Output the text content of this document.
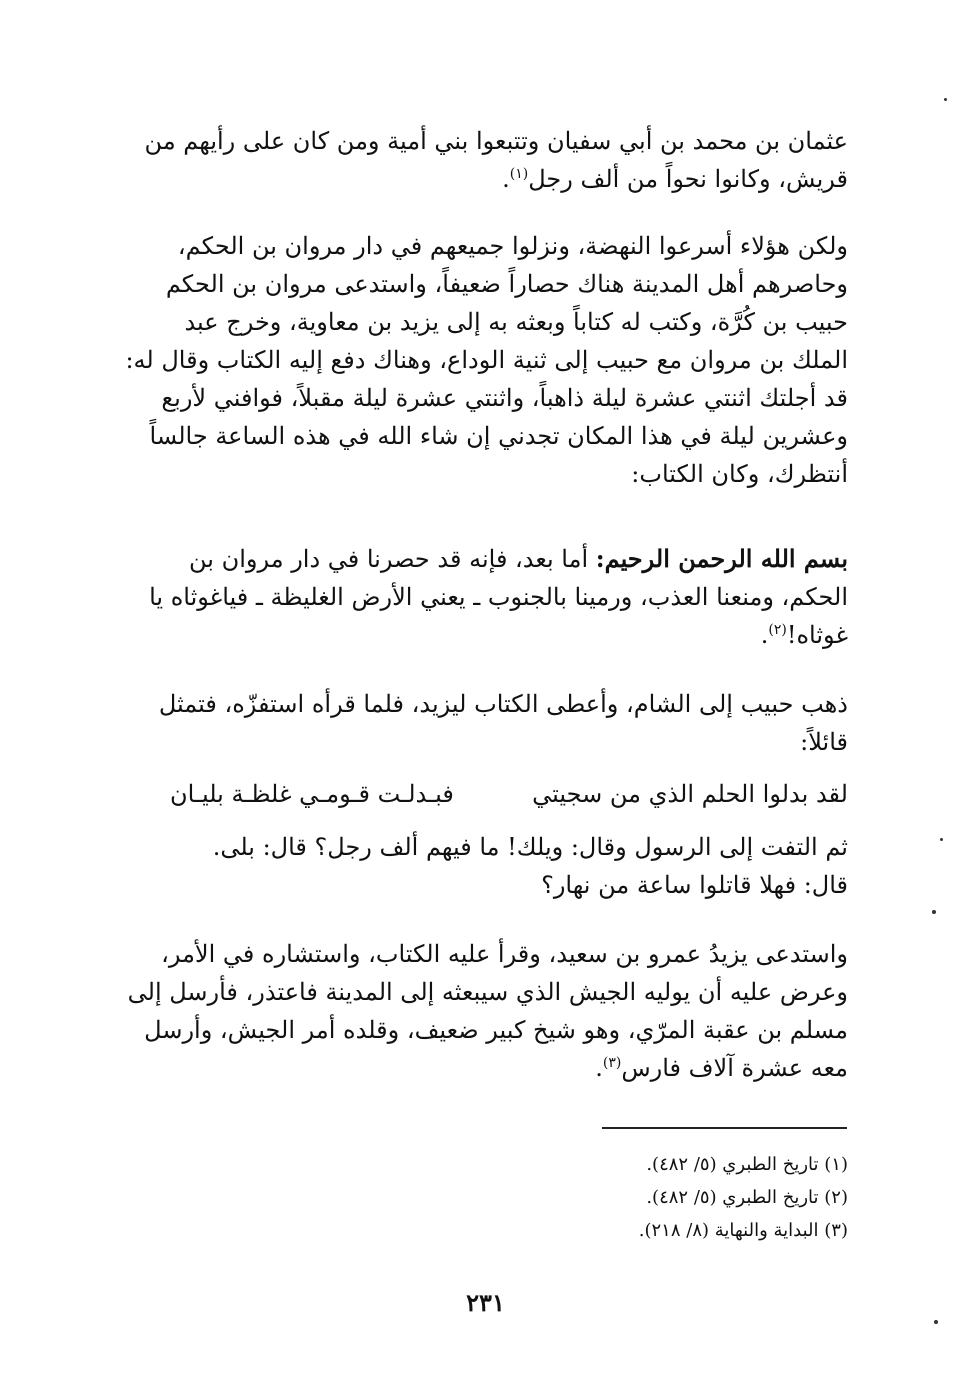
عثمان بن محمد بن أبي سفيان وتتبعوا بني أمية ومن كان على رأيهم من
قريش، وكانوا نحواً من ألف رجل$^{(١)}$.
ولكن هؤلاء أسرعوا النهضة، ونزلوا جميعهم في دار مروان بن الحكم،
وحاصرهم أهل المدينة هناك حصاراً ضعيفاً، واستدعى مروان بن الحكم
حبيب بن كُرَّة، وكتب له كتاباً وبعثه به إلى يزيد بن معاوية، وخرج عبد
الملك بن مروان مع حبيب إلى ثنية الوداع، وهناك دفع إليه الكتاب وقال له:
قد أجلتك اثنتي عشرة ليلة ذاهباً، واثنتي عشرة ليلة مقبلاً، فوافني لأربع
وعشرين ليلة في هذا المكان تجدني إن شاء الله في هذه الساعة جالساً
أنتظرك، وكان الكتاب:
بسم الله الرحمن الرحيم: أما بعد، فإنه قد حصرنا في دار مروان بن
الحكم، ومنعنا العذب، ورمينا بالجنوب ـ يعني الأرض الغليظة ـ فياغوثاه يا
غوثاه!$^{(٢)}$.
ذهب حبيب إلى الشام، وأعطى الكتاب ليزيد، فلما قرأه استفزّه، فتمثل
قائلاً:
لقد بدلوا الحلم الذي من سجيتي
فبـدلـت قـومـي غلظـة بليـان
ثم التفت إلى الرسول وقال: ويلك! ما فيهم ألف رجل؟ قال: بلى.
قال: فهلا قاتلوا ساعة من نهار؟
واستدعى يزيدُ عمرو بن سعيد، وقرأ عليه الكتاب، واستشاره في الأمر،
وعرض عليه أن يوليه الجيش الذي سيبعثه إلى المدينة فاعتذر، فأرسل إلى
مسلم بن عقبة المرّي، وهو شيخ كبير ضعيف، وقلده أمر الجيش، وأرسل
معه عشرة آلاف فارس$^{(٣)}$.
(١) تاريخ الطبري (٥/ ٤٨٢).
(٢) تاريخ الطبري (٥/ ٤٨٢).
(٣) البداية والنهاية (٨/ ٢١٨).
٢٣١
